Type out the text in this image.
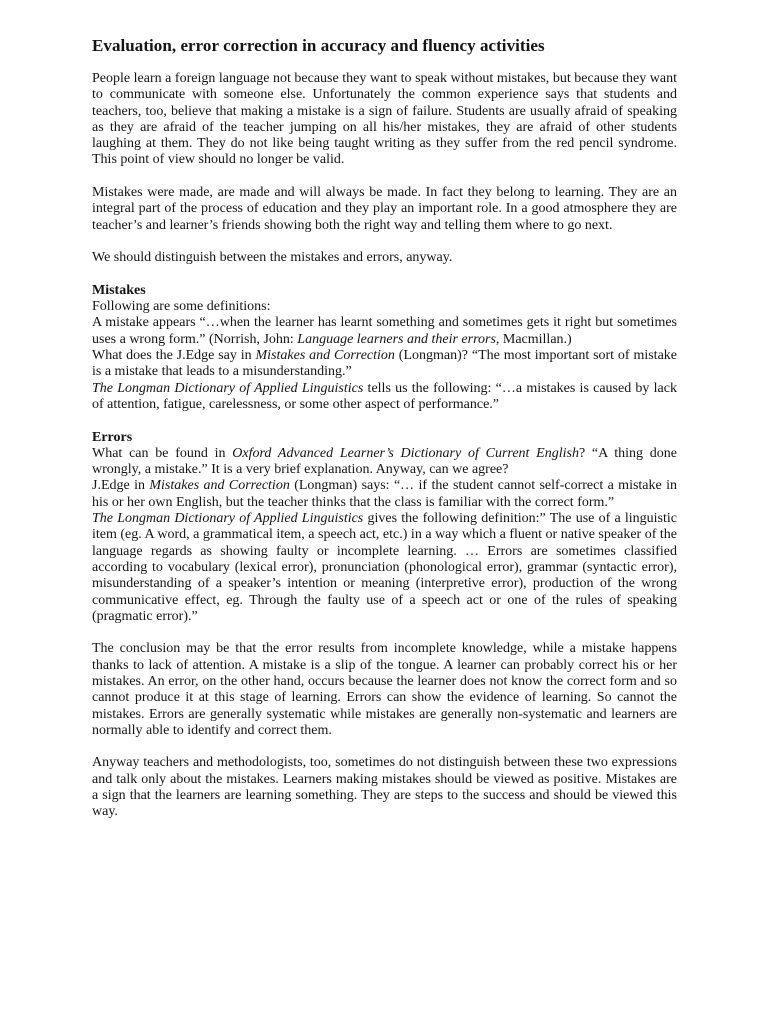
Evaluation, error correction in accuracy and fluency activities

People learn a foreign language not because they want to speak without mistakes, but because they want to communicate with someone else. Unfortunately the common experience says that students and teachers, too, believe that making a mistake is a sign of failure. Students are usually afraid of speaking as they are afraid of the teacher jumping on all his/her mistakes, they are afraid of other students laughing at them. They do not like being taught writing as they suffer from the red pencil syndrome. This point of view should no longer be valid.

Mistakes were made, are made and will always be made. In fact they belong to learning. They are an integral part of the process of education and they play an important role. In a good atmosphere they are teacher’s and learner’s friends showing both the right way and telling them where to go next.

We should distinguish between the mistakes and errors, anyway.

Mistakes

Following are some definitions:

A mistake appears “…when the learner has learnt something and sometimes gets it right but sometimes uses a wrong form.” (Norrish, John: Language learners and their errors, Macmillan.)

What does the J.Edge say in Mistakes and Correction (Longman)? “The most important sort of mistake is a mistake that leads to a misunderstanding.”

The Longman Dictionary of Applied Linguistics tells us the following: “…a mistakes is caused by lack of attention, fatigue, carelessness, or some other aspect of performance.”

Errors

What can be found in Oxford Advanced Learner’s Dictionary of Current English? “A thing done wrongly, a mistake.” It is a very brief explanation. Anyway, can we agree?

J.Edge in Mistakes and Correction (Longman) says: “… if the student cannot self-correct a mistake in his or her own English, but the teacher thinks that the class is familiar with the correct form.”

The Longman Dictionary of Applied Linguistics gives the following definition:” The use of a linguistic item (eg. A word, a grammatical item, a speech act, etc.) in a way which a fluent or native speaker of the language regards as showing faulty or incomplete learning. … Errors are sometimes classified according to vocabulary (lexical error), pronunciation (phonological error), grammar (syntactic error), misunderstanding of a speaker’s intention or meaning (interpretive error), production of the wrong communicative effect, eg. Through the faulty use of a speech act or one of the rules of speaking (pragmatic error).”

The conclusion may be that the error results from incomplete knowledge, while a mistake happens thanks to lack of attention. A mistake is a slip of the tongue. A learner can probably correct his or her mistakes. An error, on the other hand, occurs because the learner does not know the correct form and so cannot produce it at this stage of learning. Errors can show the evidence of learning. So cannot the mistakes. Errors are generally systematic while mistakes are generally non-systematic and learners are normally able to identify and correct them.

Anyway teachers and methodologists, too, sometimes do not distinguish between these two expressions and talk only about the mistakes. Learners making mistakes should be viewed as positive. Mistakes are a sign that the learners are learning something. They are steps to the success and should be viewed this way.
